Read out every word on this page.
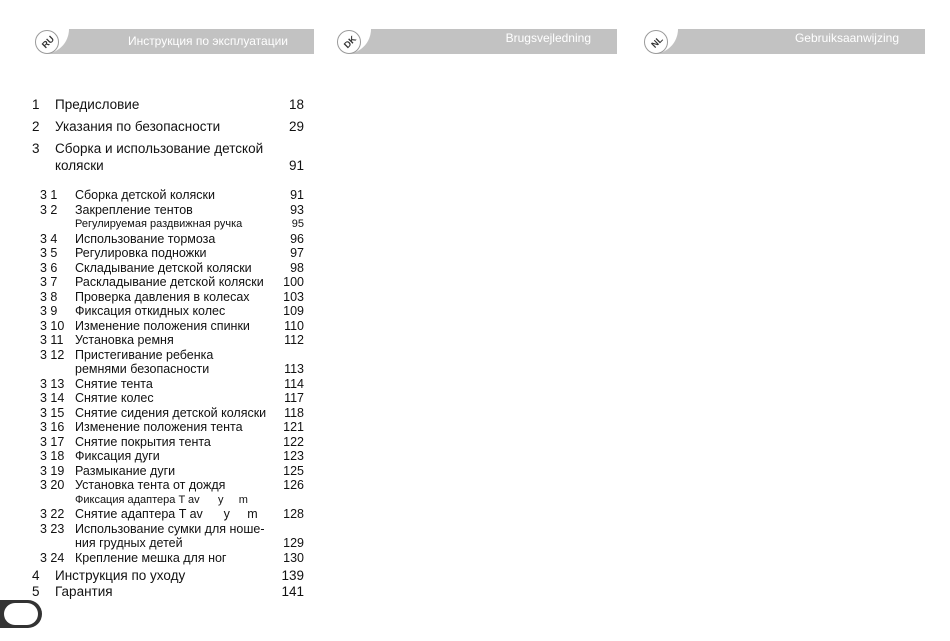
RU	Инструкция по эксплуатации	DK	Brugsvejledning	NL	Gebruiksaanwijzing
1 Предисловие	18
2 Указания по безопасности	29
3 Сборка и использование детской
коляски	91
3 1 Сборка детской коляски	91
3 2 Закрепление тентов	93
Регулируемая раздвижная ручка	95
3 4 Использование тормоза	96
3 5 Регулировка подножки	97
3 6 Складывание детской коляски	98
3 7 Раскладывание детской коляски 100
3 8 Проверка давления в колесах	103
3 9 Фиксация откидных колес	109
3 10 Изменение положения спинки	110
3 11 Установка ремня	112
3 12 Пристегивание ребенка
ремнями безопасности	113
3 13 Снятие тента	114
3 14 Снятие колес	117
3 15 Снятие сидения детской коляски 118
3 16 Изменение положения тента	121
3 17 Снятие покрытия тента	122
3 18 Фиксация дуги	123
3 19 Размыкание дуги	125
3 20 Установка тента от дождя	126
Фиксация адаптера T av      y     m
3 22 Снятие адаптера T av      y     m 128
3 23 Использование сумки для ноше-
ния грудных детей	129
3 24 Крепление мешка для ног	130
4 Инструкция по уходу	139
5 Гарантия	141
